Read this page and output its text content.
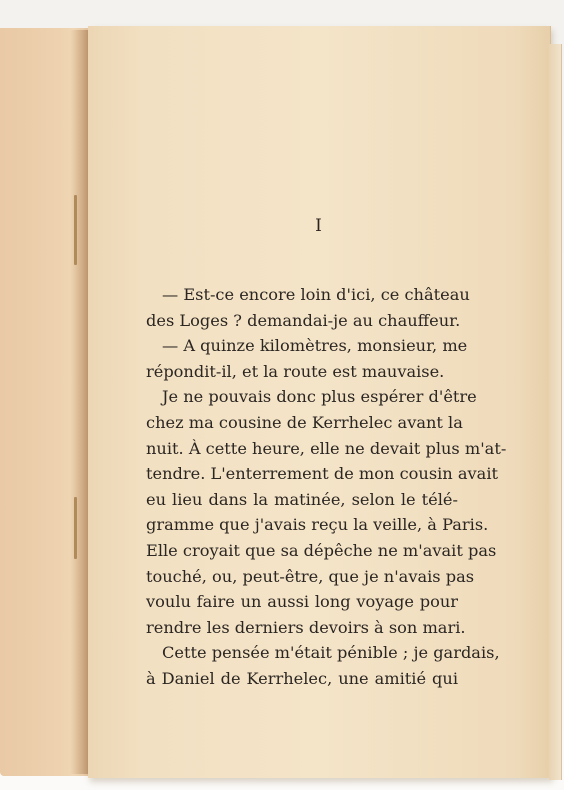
I
— Est-ce encore loin d'ici, ce château
des Loges ? demandai-je au chauffeur.
— A quinze kilomètres, monsieur, me
répondit-il, et la route est mauvaise.
Je ne pouvais donc plus espérer d'être
chez ma cousine de Kerrhelec avant la
nuit. À cette heure, elle ne devait plus m'at-
tendre. L'enterrement de mon cousin avait
eu lieu dans la matinée, selon le télé-
gramme que j'avais reçu la veille, à Paris.
Elle croyait que sa dépêche ne m'avait pas
touché, ou, peut-être, que je n'avais pas
voulu faire un aussi long voyage pour
rendre les derniers devoirs à son mari.
Cette pensée m'était pénible ; je gardais,
à Daniel de Kerrhelec, une amitié qui
